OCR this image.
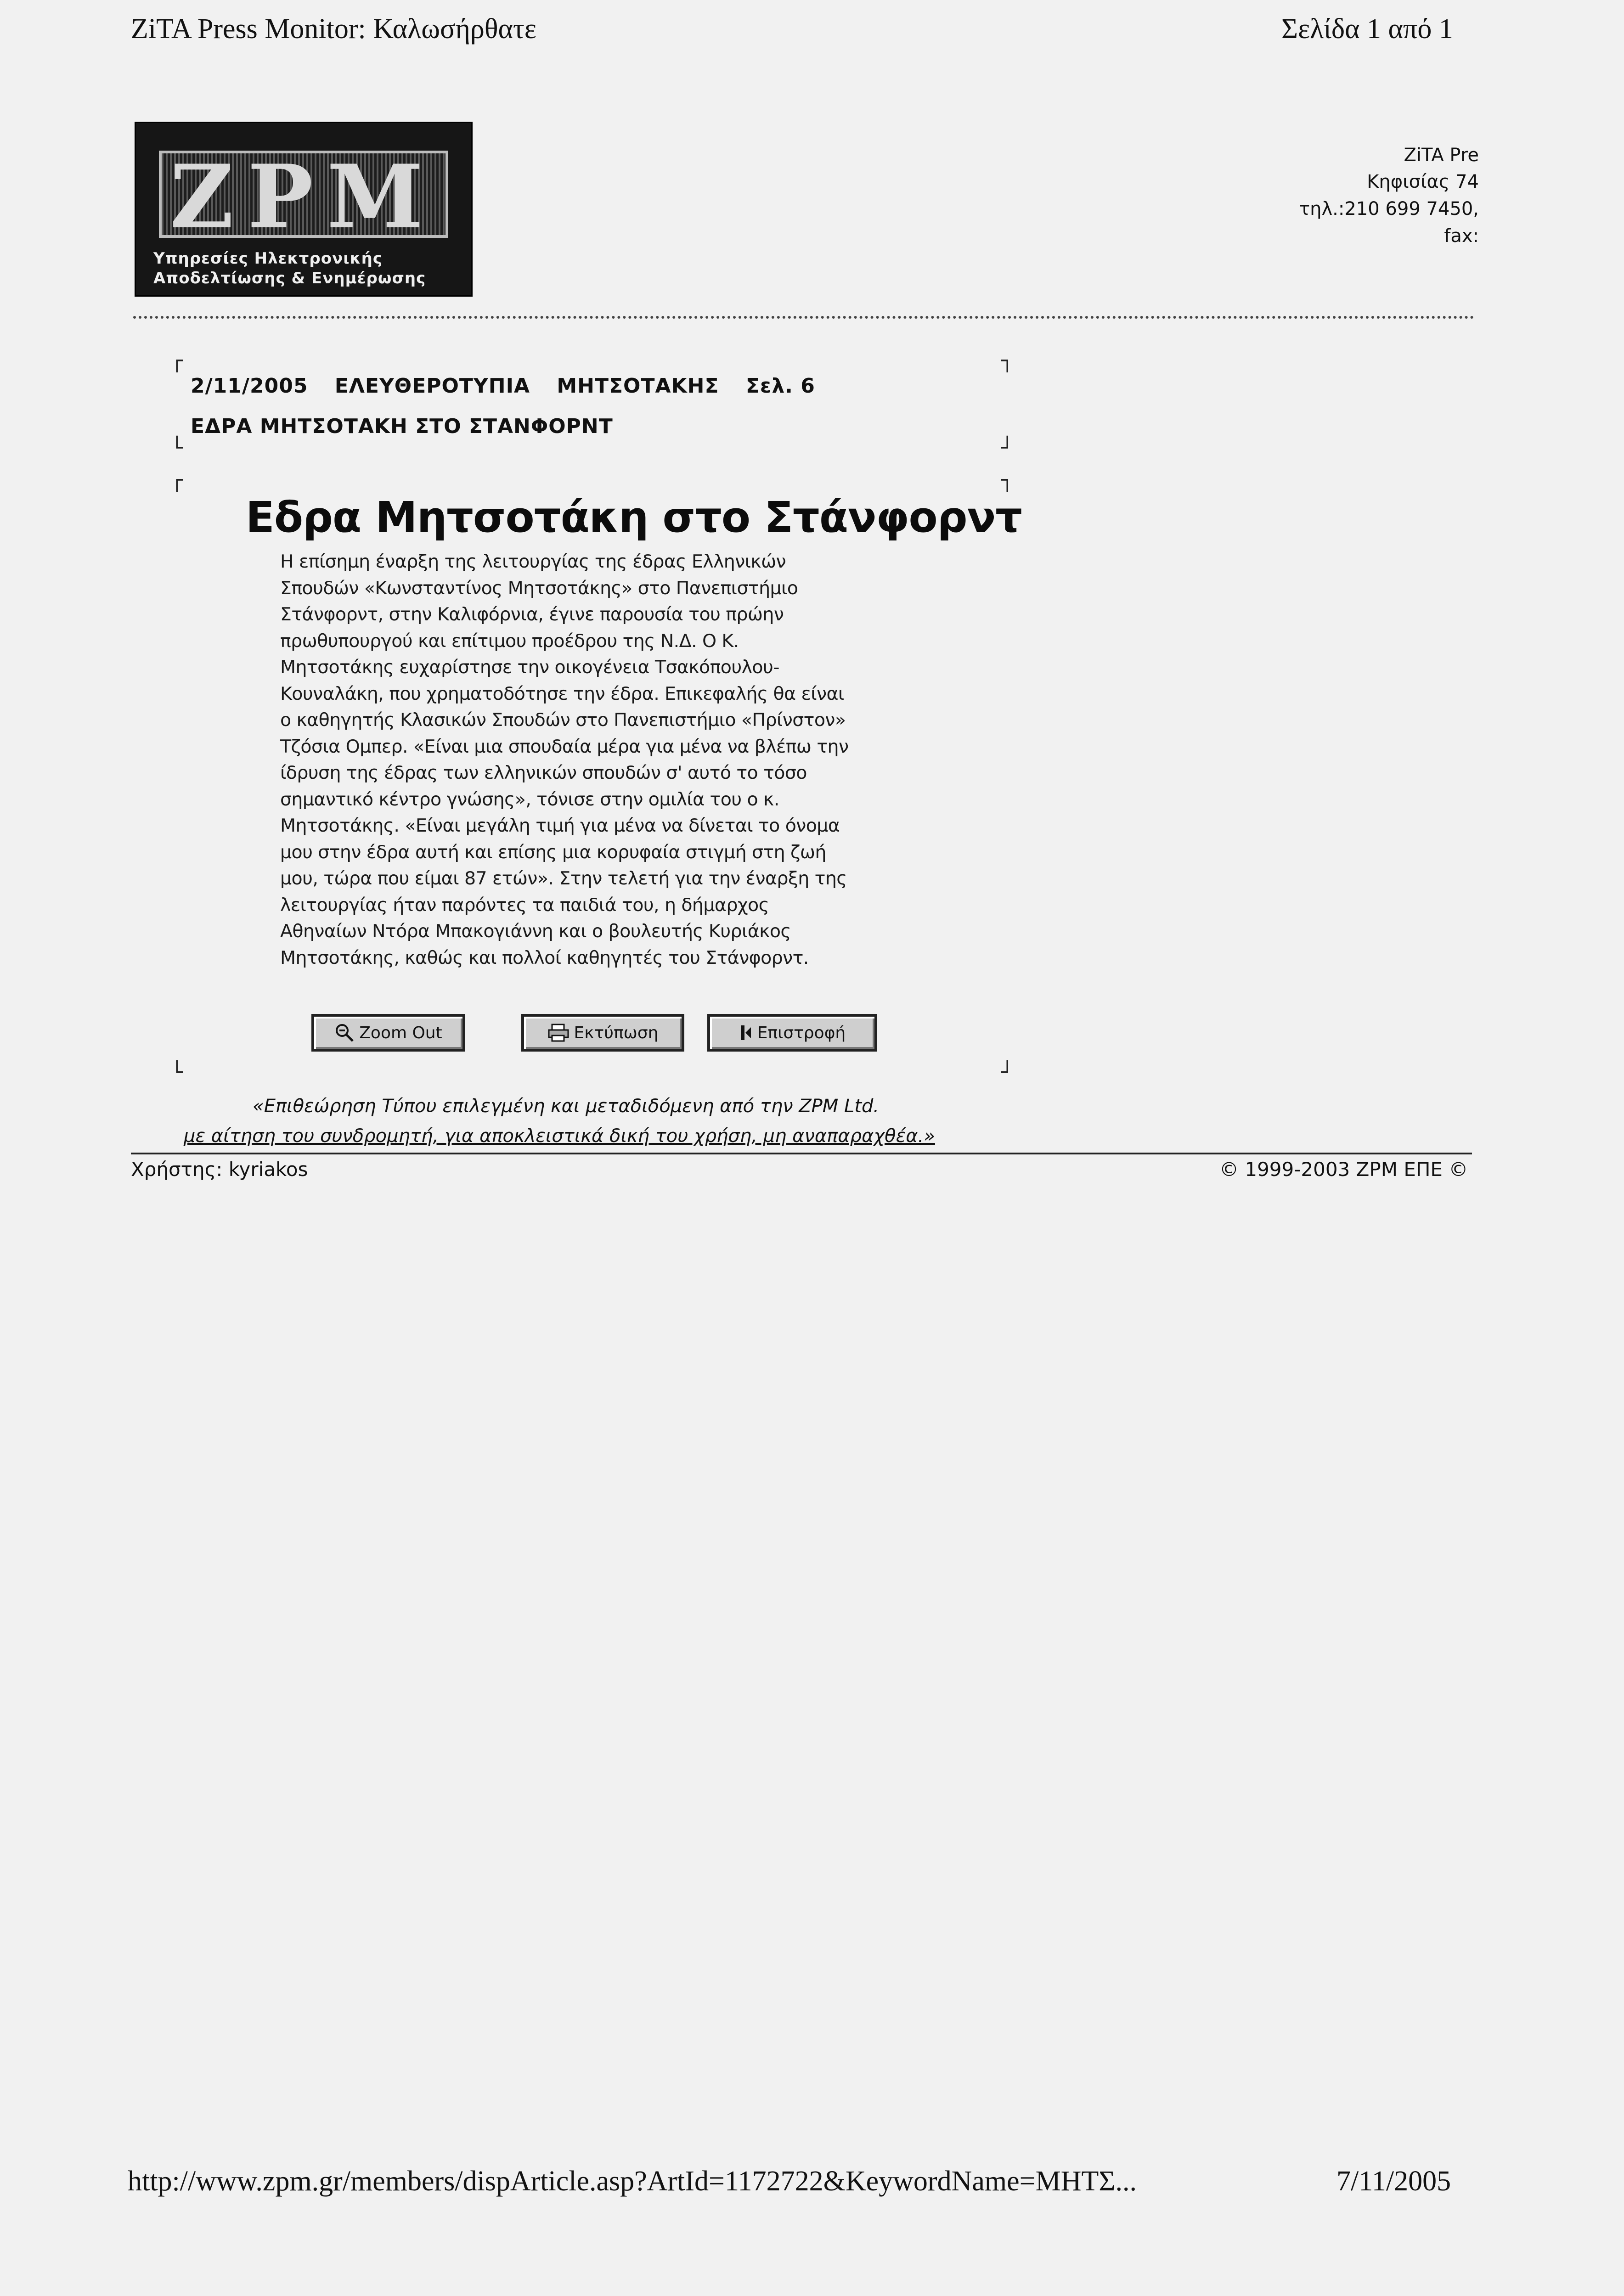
ZiTA Press Monitor: Καλωσήρθατε	Σελίδα 1 από 1
ZPM
Υπηρεσίες Ηλεκτρονικής
Αποδελτίωσης & Ενημέρωσης
ZiTA Pre
Κηφισίας 74
τηλ.:210 699 7450,
fax:
┌	┐
└	┘
2/11/2005 ΕΛΕΥΘΕΡΟΤΥΠΙΑ ΜΗΤΣΟΤΑΚΗΣ Σελ. 6
ΕΔΡΑ ΜΗΤΣΟΤΑΚΗ ΣΤΟ ΣΤΑΝΦΟΡΝΤ
┌	┐
└	┘
Εδρα Μητσοτάκη στο Στάνφορντ
Η επίσημη έναρξη της λειτουργίας της έδρας Ελληνικών
Σπουδών «Κωνσταντίνος Μητσοτάκης» στο Πανεπιστήμιο
Στάνφορντ, στην Καλιφόρνια, έγινε παρουσία του πρώην
πρωθυπουργού και επίτιμου προέδρου της Ν.Δ. Ο Κ.
Μητσοτάκης ευχαρίστησε την οικογένεια Τσακόπουλου-
Κουναλάκη, που χρηματοδότησε την έδρα. Επικεφαλής θα είναι
ο καθηγητής Κλασικών Σπουδών στο Πανεπιστήμιο «Πρίνστον»
Τζόσια Ομπερ. «Είναι μια σπουδαία μέρα για μένα να βλέπω την
ίδρυση της έδρας των ελληνικών σπουδών σ' αυτό το τόσο
σημαντικό κέντρο γνώσης», τόνισε στην ομιλία του ο κ.
Μητσοτάκης. «Είναι μεγάλη τιμή για μένα να δίνεται το όνομα
μου στην έδρα αυτή και επίσης μια κορυφαία στιγμή στη ζωή
μου, τώρα που είμαι 87 ετών». Στην τελετή για την έναρξη της
λειτουργίας ήταν παρόντες τα παιδιά του, η δήμαρχος
Αθηναίων Ντόρα Μπακογιάννη και ο βουλευτής Κυριάκος
Μητσοτάκης, καθώς και πολλοί καθηγητές του Στάνφορντ.
Zoom Out	Εκτύπωση	Επιστροφή
«Επιθεώρηση Τύπου επιλεγμένη και μεταδιδόμενη από την ZPM Ltd.
με αίτηση του συνδρομητή, για αποκλειστικά δική του χρήση, μη αναπαραχθέα.»
Χρήστης: kyriakos	© 1999-2003 ZPM ΕΠΕ ©
http://www.zpm.gr/members/dispArticle.asp?ArtId=1172722&KeywordName=ΜΗΤΣ...	7/11/2005
